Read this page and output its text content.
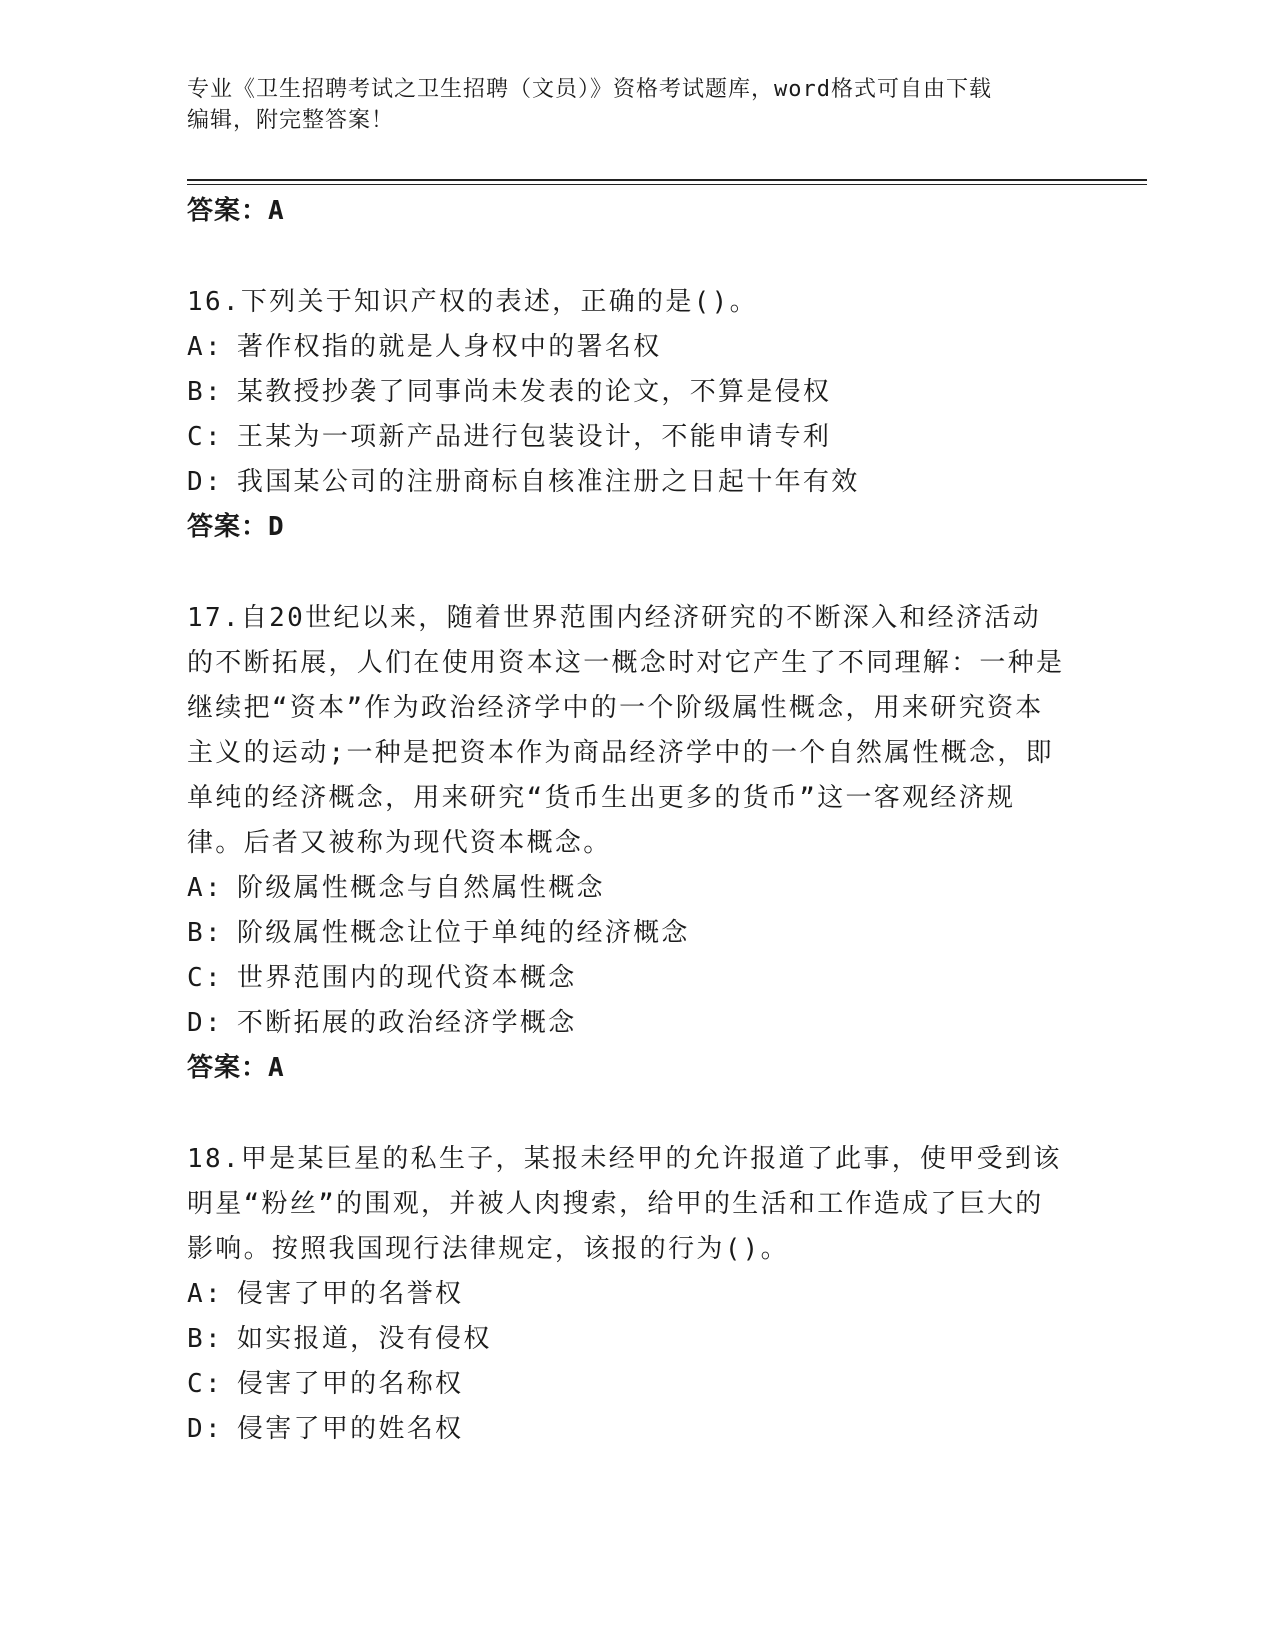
专业《卫生招聘考试之卫生招聘（文员）》资格考试题库，word格式可自由下载
编辑，附完整答案！
答案：A
16.下列关于知识产权的表述，正确的是()。
A: 著作权指的就是人身权中的署名权
B: 某教授抄袭了同事尚未发表的论文，不算是侵权
C: 王某为一项新产品进行包装设计，不能申请专利
D: 我国某公司的注册商标自核准注册之日起十年有效
答案：D
17.自20世纪以来，随着世界范围内经济研究的不断深入和经济活动的不断拓展，人们在使用资本这一概念时对它产生了不同理解：一种是继续把“资本”作为政治经济学中的一个阶级属性概念，用来研究资本主义的运动;一种是把资本作为商品经济学中的一个自然属性概念，即单纯的经济概念，用来研究“货币生出更多的货币”这一客观经济规律。后者又被称为现代资本概念。
A: 阶级属性概念与自然属性概念
B: 阶级属性概念让位于单纯的经济概念
C: 世界范围内的现代资本概念
D: 不断拓展的政治经济学概念
答案：A
18.甲是某巨星的私生子，某报未经甲的允许报道了此事，使甲受到该明星“粉丝”的围观，并被人肉搜索，给甲的生活和工作造成了巨大的影响。按照我国现行法律规定，该报的行为()。
A: 侵害了甲的名誉权
B: 如实报道，没有侵权
C: 侵害了甲的名称权
D: 侵害了甲的姓名权
